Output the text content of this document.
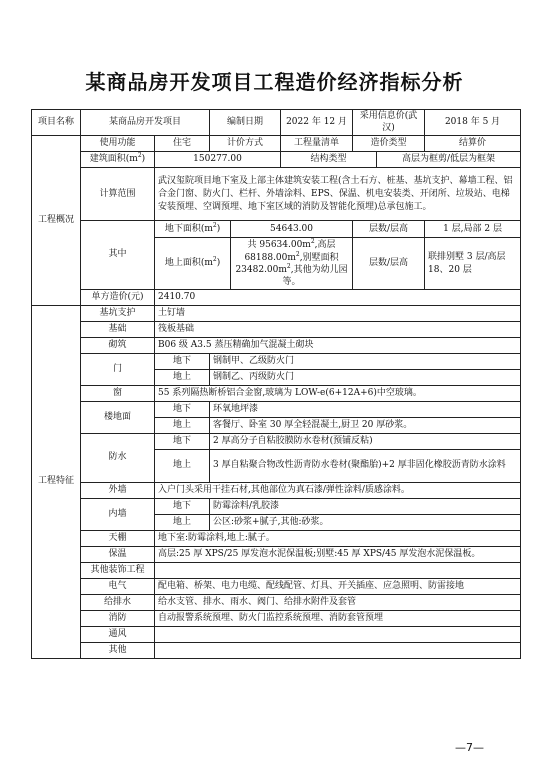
某商品房开发项目工程造价经济指标分析
项目名称	某商品房开发项目		编制日期		2022 年 12 月	采用信息价(武汉)		2018 年 5 月
工程概况	使用功能	住宅	计价方式		工程量清单	造价类型		结算价
	建筑面积$(m^2)$	150277.00			结构类型		高层为框剪/低层为框架	
	计算范围	武汉玺院项目地下室及上部主体建筑安装工程(含土石方、桩基、基坑支护、幕墙工程、铝合金门窗、防火门、栏杆、外墙涂料、EPS、保温、机电安装类、开闭所、垃圾站、电梯安装预埋、空调预埋、地下室区域的消防及智能化预埋)总承包施工。						
	其中	地下面积$(m^2)$		54643.00		层数/层高		1 层,局部 2 层
		地上面积$(m^2)$		共 $95634.00m^2$,高层 $68188.00m^2$,别墅面积 $23482.00m^2$,其他为幼儿园等。		层数/层高		联排别墅 3 层/高层 18、20 层

	单方造价(元)	2410.70						
工程特征	基坑支护	土钉墙						
	基础	筏板基础						
	砌筑	B06 级 A3.5 蒸压精确加气混凝土砌块						
	门	地下	钢制甲、乙级防火门					
		地上	钢制乙、丙级防火门					
	窗	55 系列隔热断桥铝合金窗,玻璃为 LOW-e(6+12A+6)中空玻璃。						
	楼地面	地下	环氧地坪漆					
		地上	客餐厅、卧室 30 厚全轻混凝土,厨卫 20 厚砂浆。					
	防水	地下	2 厚高分子自粘胶膜防水卷材(预铺反粘)					
		地上	3 厚自粘聚合物改性沥青防水卷材(聚酯胎)+2 厚非固化橡胶沥青防水涂料					
	外墙	入户门头采用干挂石材,其他部位为真石漆/弹性涂料/质感涂料。						
	内墙	地下	防霉涂料/乳胶漆					
		地上	公区:砂浆+腻子,其他:砂浆。					
	天棚	地下室:防霉涂料,地上:腻子。						
	保温	高层:25 厚 XPS/25 厚发泡水泥保温板;别墅:45 厚 XPS/45 厚发泡水泥保温板。						
	其他装饰工程							
	电气	配电箱、桥架、电力电缆、配线配管、灯具、开关插座、应急照明、防雷接地						
	给排水	给水支管、排水、雨水、阀门、给排水附件及套管						
	消防	自动报警系统预埋、防火门监控系统预埋、消防套管预埋						
	通风							
	其他							
—7—
